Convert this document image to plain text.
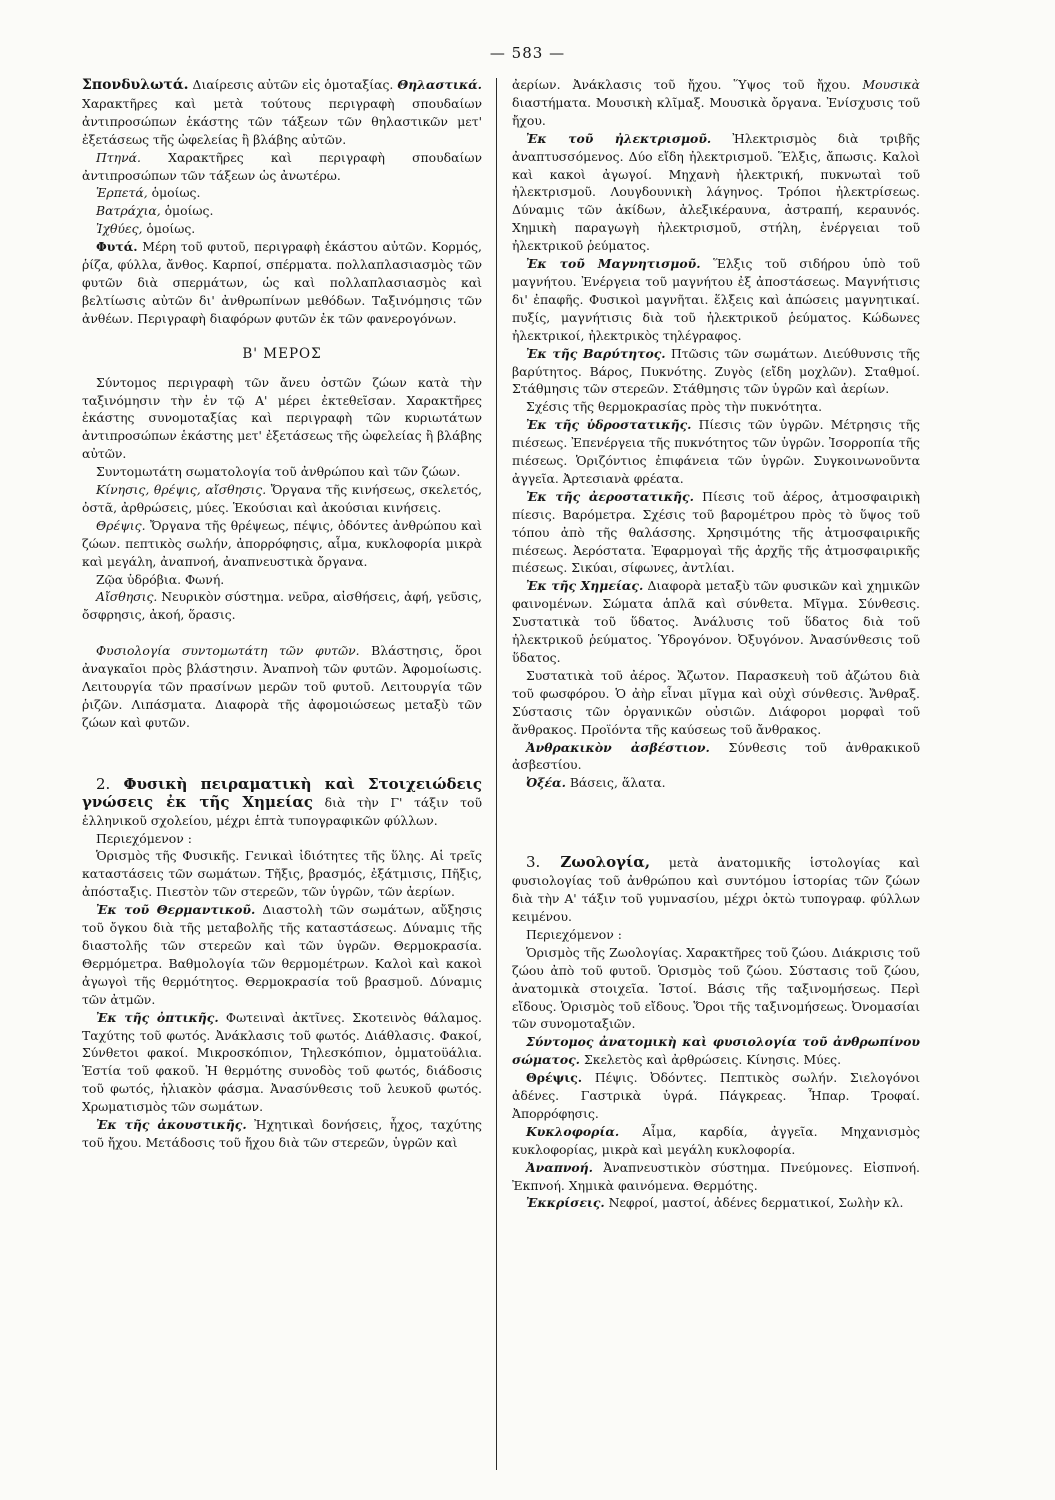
— 583 —

Σπονδυλωτά. Διαίρεσις αὐτῶν εἰς ὁμοταξίας. Θηλαστικά. Χαρακτῆρες καὶ μετὰ τούτους περιγραφὴ σπουδαίων ἀντιπροσώπων ἑκάστης τῶν τάξεων τῶν θηλαστικῶν μετ' ἐξετάσεως τῆς ὠφελείας ἢ βλάβης αὐτῶν.

Πτηνά. Χαρακτῆρες καὶ περιγραφὴ σπουδαίων ἀντιπροσώπων τῶν τάξεων ὡς ἀνωτέρω.

Ἑρπετά, ὁμοίως.

Βατράχια, ὁμοίως.

Ἰχθύες, ὁμοίως.

Φυτά. Μέρη τοῦ φυτοῦ, περιγραφὴ ἑκάστου αὐτῶν. Κορμός, ῥίζα, φύλλα, ἄνθος. Καρποί, σπέρματα. πολλαπλασιασμὸς τῶν φυτῶν διὰ σπερμάτων, ὡς καὶ πολλαπλασιασμὸς καὶ βελτίωσις αὐτῶν δι' ἀνθρωπίνων μεθόδων. Ταξινόμησις τῶν ἀνθέων. Περιγραφὴ διαφόρων φυτῶν ἐκ τῶν φανερογόνων.

Β' ΜΕΡΟΣ

Σύντομος περιγραφὴ τῶν ἄνευ ὀστῶν ζώων κατὰ τὴν ταξινόμησιν τὴν ἐν τῷ Α' μέρει ἐκτεθεῖσαν. Χαρακτῆρες ἑκάστης συνομοταξίας καὶ περιγραφὴ τῶν κυριωτάτων ἀντιπροσώπων ἑκάστης μετ' ἐξετάσεως τῆς ὠφελείας ἢ βλάβης αὐτῶν.

Συντομωτάτη σωματολογία τοῦ ἀνθρώπου καὶ τῶν ζώων.

Κίνησις, θρέψις, αἴσθησις. Ὄργανα τῆς κινήσεως, σκελετός, ὀστᾶ, ἀρθρώσεις, μύες. Ἑκούσιαι καὶ ἀκούσιαι κινήσεις.

Θρέψις. Ὄργανα τῆς θρέψεως, πέψις, ὀδόντες ἀνθρώπου καὶ ζώων. πεπτικὸς σωλήν, ἀπορρόφησις, αἷμα, κυκλοφορία μικρὰ καὶ μεγάλη, ἀναπνοή, ἀναπνευστικὰ ὄργανα.

Ζῷα ὑδρόβια. Φωνή.

Αἴσθησις. Νευρικὸν σύστημα. νεῦρα, αἰσθήσεις, ἀφή, γεῦσις, ὄσφρησις, ἀκοή, ὅρασις.

Φυσιολογία συντομωτάτη τῶν φυτῶν. Βλάστησις, ὅροι ἀναγκαῖοι πρὸς βλάστησιν. Ἀναπνοὴ τῶν φυτῶν. Ἀφομοίωσις. Λειτουργία τῶν πρασίνων μερῶν τοῦ φυτοῦ. Λειτουργία τῶν ῥιζῶν. Λιπάσματα. Διαφορὰ τῆς ἀφομοιώσεως μεταξὺ τῶν ζώων καὶ φυτῶν.

2. Φυσικὴ πειραματικὴ καὶ Στοιχειώδεις γνώσεις ἐκ τῆς Χημείας διὰ τὴν Γ' τάξιν τοῦ ἑλληνικοῦ σχολείου, μέχρι ἑπτὰ τυπογραφικῶν φύλλων.

Περιεχόμενον :

Ὁρισμὸς τῆς Φυσικῆς. Γενικαὶ ἰδιότητες τῆς ὕλης. Αἱ τρεῖς καταστάσεις τῶν σωμάτων. Τῆξις, βρασμός, ἐξάτμισις, Πῆξις, ἀπόσταξις. Πιεστὸν τῶν στερεῶν, τῶν ὑγρῶν, τῶν ἀερίων.

Ἐκ τοῦ Θερμαντικοῦ. Διαστολὴ τῶν σωμάτων, αὔξησις τοῦ ὄγκου διὰ τῆς μεταβολῆς τῆς καταστάσεως. Δύναμις τῆς διαστολῆς τῶν στερεῶν καὶ τῶν ὑγρῶν. Θερμοκρασία. Θερμόμετρα. Βαθμολογία τῶν θερμομέτρων. Καλοὶ καὶ κακοὶ ἀγωγοὶ τῆς θερμότητος. Θερμοκρασία τοῦ βρασμοῦ. Δύναμις τῶν ἀτμῶν.

Ἐκ τῆς ὀπτικῆς. Φωτειναὶ ἀκτῖνες. Σκοτεινὸς θάλαμος. Ταχύτης τοῦ φωτός. Ἀνάκλασις τοῦ φωτός. Διάθλασις. Φακοί, Σύνθετοι φακοί. Μικροσκόπιον, Τηλεσκόπιον, ὀμματοϋάλια. Ἑστία τοῦ φακοῦ. Ἡ θερμότης συνοδὸς τοῦ φωτός, διάδοσις τοῦ φωτός, ἡλιακὸν φάσμα. Ἀνασύνθεσις τοῦ λευκοῦ φωτός. Χρωματισμὸς τῶν σωμάτων.

Ἐκ τῆς ἀκουστικῆς. Ἠχητικαὶ δονήσεις, ἦχος, ταχύτης τοῦ ἤχου. Μετάδοσις τοῦ ἤχου διὰ τῶν στερεῶν, ὑγρῶν καὶ

ἀερίων. Ἀνάκλασις τοῦ ἤχου. Ὕψος τοῦ ἤχου. Μουσικὰ διαστήματα. Μουσικὴ κλῖμαξ. Μουσικὰ ὄργανα. Ἐνίσχυσις τοῦ ἤχου.

Ἐκ τοῦ ἠλεκτρισμοῦ. Ἠλεκτρισμὸς διὰ τριβῆς ἀναπτυσσόμενος. Δύο εἴδη ἠλεκτρισμοῦ. Ἕλξις, ἄπωσις. Καλοὶ καὶ κακοὶ ἀγωγοί. Μηχανὴ ἠλεκτρική, πυκνωταὶ τοῦ ἠλεκτρισμοῦ. Λουγδουνικὴ λάγηνος. Τρόποι ἠλεκτρίσεως. Δύναμις τῶν ἀκίδων, ἀλεξικέραυνα, ἀστραπή, κεραυνός. Χημικὴ παραγωγὴ ἠλεκτρισμοῦ, στήλη, ἐνέργειαι τοῦ ἠλεκτρικοῦ ῥεύματος.

Ἐκ τοῦ Μαγνητισμοῦ. Ἕλξις τοῦ σιδήρου ὑπὸ τοῦ μαγνήτου. Ἐνέργεια τοῦ μαγνήτου ἐξ ἀποστάσεως. Μαγνήτισις δι' ἐπαφῆς. Φυσικοὶ μαγνῆται. ἕλξεις καὶ ἀπώσεις μαγνητικαί. πυξίς, μαγνήτισις διὰ τοῦ ἠλεκτρικοῦ ῥεύματος. Κώδωνες ἠλεκτρικοί, ἠλεκτρικὸς τηλέγραφος.

Ἐκ τῆς Βαρύτητος. Πτῶσις τῶν σωμάτων. Διεύθυνσις τῆς βαρύτητος. Βάρος, Πυκνότης. Ζυγὸς (εἴδη μοχλῶν). Σταθμοί. Στάθμησις τῶν στερεῶν. Στάθμησις τῶν ὑγρῶν καὶ ἀερίων.

Σχέσις τῆς θερμοκρασίας πρὸς τὴν πυκνότητα.

Ἐκ τῆς ὑδροστατικῆς. Πίεσις τῶν ὑγρῶν. Μέτρησις τῆς πιέσεως. Ἐπενέργεια τῆς πυκνότητος τῶν ὑγρῶν. Ἰσορροπία τῆς πιέσεως. Ὁριζόντιος ἐπιφάνεια τῶν ὑγρῶν. Συγκοινωνοῦντα ἀγγεῖα. Ἀρτεσιανὰ φρέατα.

Ἐκ τῆς ἀεροστατικῆς. Πίεσις τοῦ ἀέρος, ἀτμοσφαιρικὴ πίεσις. Βαρόμετρα. Σχέσις τοῦ βαρομέτρου πρὸς τὸ ὕψος τοῦ τόπου ἀπὸ τῆς θαλάσσης. Χρησιμότης τῆς ἀτμοσφαιρικῆς πιέσεως. Ἀερόστατα. Ἐφαρμογαὶ τῆς ἀρχῆς τῆς ἀτμοσφαιρικῆς πιέσεως. Σικύαι, σίφωνες, ἀντλίαι.

Ἐκ τῆς Χημείας. Διαφορὰ μεταξὺ τῶν φυσικῶν καὶ χημικῶν φαινομένων. Σώματα ἁπλᾶ καὶ σύνθετα. Μῖγμα. Σύνθεσις. Συστατικὰ τοῦ ὕδατος. Ἀνάλυσις τοῦ ὕδατος διὰ τοῦ ἠλεκτρικοῦ ῥεύματος. Ὑδρογόνον. Ὀξυγόνον. Ἀνασύνθεσις τοῦ ὕδατος.

Συστατικὰ τοῦ ἀέρος. Ἄζωτον. Παρασκευὴ τοῦ ἀζώτου διὰ τοῦ φωσφόρου. Ὁ ἀὴρ εἶναι μῖγμα καὶ οὐχὶ σύνθεσις. Ἄνθραξ. Σύστασις τῶν ὀργανικῶν οὐσιῶν. Διάφοροι μορφαὶ τοῦ ἄνθρακος. Προϊόντα τῆς καύσεως τοῦ ἄνθρακος.

Ἀνθρακικὸν ἀσβέστιον. Σύνθεσις τοῦ ἀνθρακικοῦ ἀσβεστίου.

Ὀξέα. Βάσεις, ἅλατα.

3. Ζωολογία, μετὰ ἀνατομικῆς ἱστολογίας καὶ φυσιολογίας τοῦ ἀνθρώπου καὶ συντόμου ἱστορίας τῶν ζώων διὰ τὴν Α' τάξιν τοῦ γυμνασίου, μέχρι ὀκτὼ τυπογραφ. φύλλων κειμένου.

Περιεχόμενον :

Ὁρισμὸς τῆς Ζωολογίας. Χαρακτῆρες τοῦ ζώου. Διάκρισις τοῦ ζώου ἀπὸ τοῦ φυτοῦ. Ὁρισμὸς τοῦ ζώου. Σύστασις τοῦ ζώου, ἀνατομικὰ στοιχεῖα. Ἱστοί. Βάσις τῆς ταξινομήσεως. Περὶ εἴδους. Ὁρισμὸς τοῦ εἴδους. Ὅροι τῆς ταξινομήσεως. Ὀνομασίαι τῶν συνομοταξιῶν.

Σύντομος ἀνατομικὴ καὶ φυσιολογία τοῦ ἀνθρωπίνου σώματος. Σκελετὸς καὶ ἀρθρώσεις. Κίνησις. Μύες.

Θρέψις. Πέψις. Ὀδόντες. Πεπτικὸς σωλήν. Σιελογόνοι ἀδένες. Γαστρικὰ ὑγρά. Πάγκρεας. Ἧπαρ. Τροφαί. Ἀπορρόφησις.

Κυκλοφορία. Αἷμα, καρδία, ἀγγεῖα. Μηχανισμὸς κυκλοφορίας, μικρὰ καὶ μεγάλη κυκλοφορία.

Ἀναπνοή. Ἀναπνευστικὸν σύστημα. Πνεύμονες. Εἰσπνοή. Ἐκπνοή. Χημικὰ φαινόμενα. Θερμότης.

Ἐκκρίσεις. Νεφροί, μαστοί, ἀδένες δερματικοί, Σωλὴν κλ.
